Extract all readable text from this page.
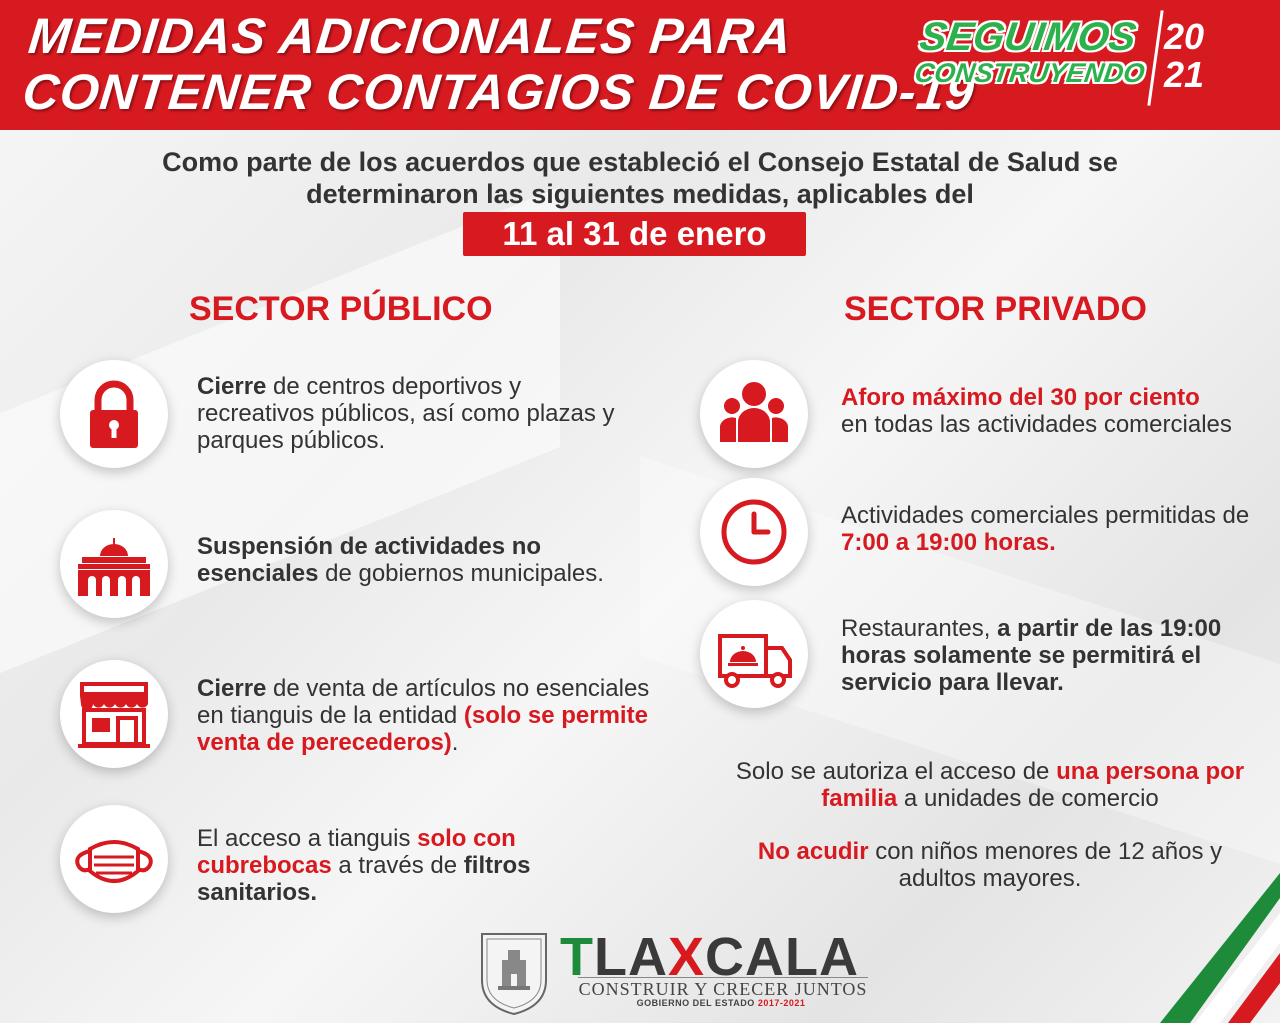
MEDIDAS ADICIONALES PARA
CONTENER CONTAGIOS DE COVID-19
SEGUIMOS
CONSTRUYENDO
20
21
Como parte de los acuerdos que estableció el Consejo Estatal de Salud se determinaron las siguientes medidas, aplicables del
11 al 31 de enero
SECTOR PÚBLICO	SECTOR PRIVADO
Cierre de centros deportivos y recreativos públicos, así como plazas y parques públicos.
Suspensión de actividades no esenciales de gobiernos municipales.
Cierre de venta de artículos no esenciales en tianguis de la entidad (solo se permite venta de perecederos).
El acceso a tianguis solo con cubrebocas a través de filtros sanitarios.
Aforo máximo del 30 por ciento
en todas las actividades comerciales
Actividades comerciales permitidas de 7:00 a 19:00 horas.
Restaurantes, a partir de las 19:00 horas solamente se permitirá el servicio para llevar.
Solo se autoriza el acceso de una persona por familia a unidades de comercio
No acudir con niños menores de 12 años y adultos mayores.
TLAXCALA
CONSTRUIR Y CRECER JUNTOS
GOBIERNO DEL ESTADO 2017-2021
